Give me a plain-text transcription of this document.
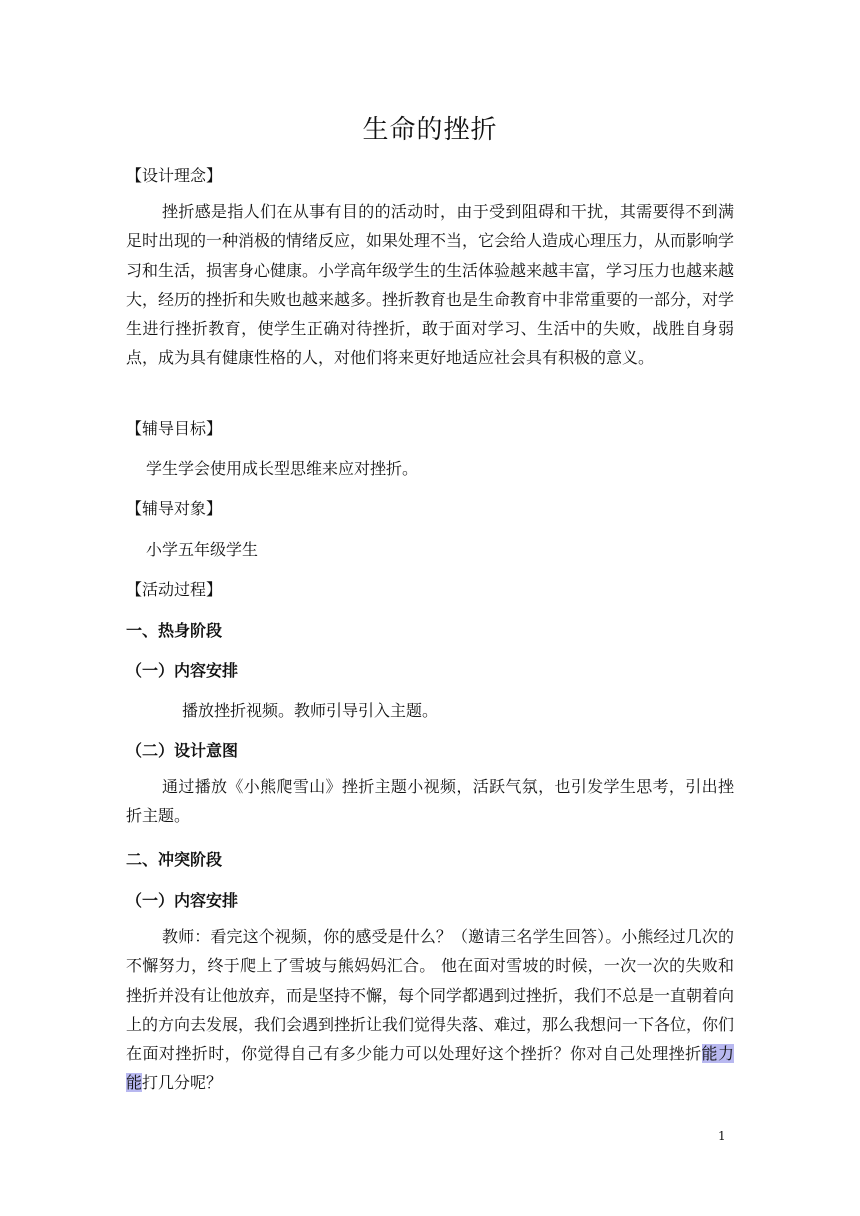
生命的挫折
【设计理念】
挫折感是指人们在从事有目的的活动时，由于受到阻碍和干扰，其需要得不到满足时出现的一种消极的情绪反应，如果处理不当，它会给人造成心理压力，从而影响学习和生活，损害身心健康。小学高年级学生的生活体验越来越丰富，学习压力也越来越大，经历的挫折和失败也越来越多。挫折教育也是生命教育中非常重要的一部分，对学生进行挫折教育，使学生正确对待挫折，敢于面对学习、生活中的失败，战胜自身弱点，成为具有健康性格的人，对他们将来更好地适应社会具有积极的意义。
【辅导目标】
学生学会使用成长型思维来应对挫折。
【辅导对象】
小学五年级学生
【活动过程】
一、热身阶段
（一）内容安排
播放挫折视频。教师引导引入主题。
（二）设计意图
通过播放《小熊爬雪山》挫折主题小视频，活跃气氛，也引发学生思考，引出挫折主题。
二、冲突阶段
（一）内容安排
教师：看完这个视频，你的感受是什么？（邀请三名学生回答）。小熊经过几次的不懈努力，终于爬上了雪坡与熊妈妈汇合。 他在面对雪坡的时候，一次一次的失败和挫折并没有让他放弃，而是坚持不懈，每个同学都遇到过挫折，我们不总是一直朝着向上的方向去发展，我们会遇到挫折让我们觉得失落、难过，那么我想问一下各位，你们在面对挫折时，你觉得自己有多少能力可以处理好这个挫折？你对自己处理挫折能力能打几分呢？
1
